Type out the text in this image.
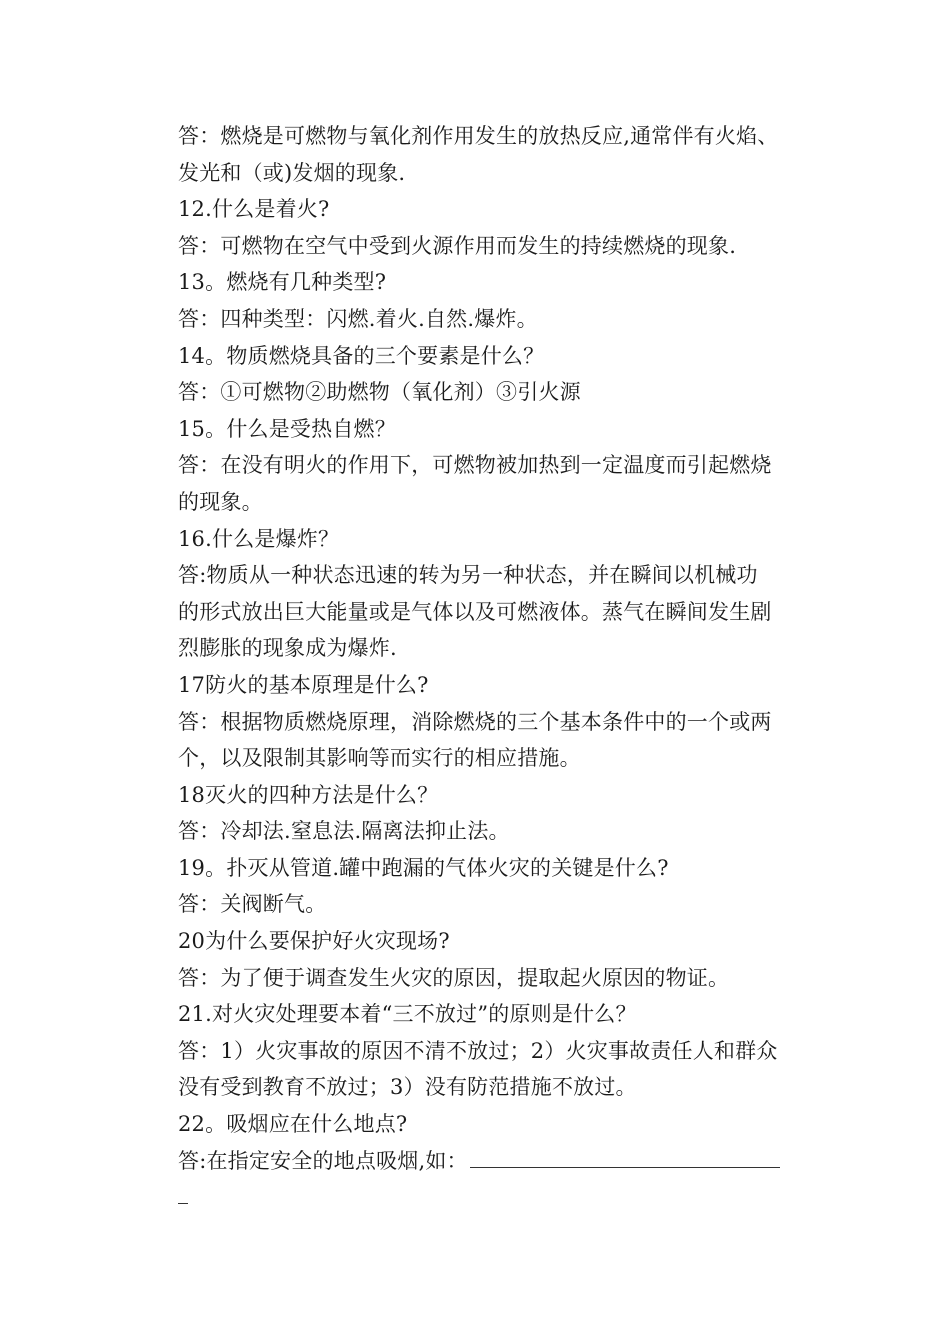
答：燃烧是可燃物与氧化剂作用发生的放热反应,通常伴有火焰、
发光和（或)发烟的现象.
12.什么是着火?
答：可燃物在空气中受到火源作用而发生的持续燃烧的现象.
13。燃烧有几种类型?
答：四种类型：闪燃.着火.自然.爆炸。
14。物质燃烧具备的三个要素是什么？
答：①可燃物②助燃物（氧化剂）③引火源
15。什么是受热自燃？
答：在没有明火的作用下，可燃物被加热到一定温度而引起燃烧
的现象。
16.什么是爆炸？
答:物质从一种状态迅速的转为另一种状态，并在瞬间以机械功
的形式放出巨大能量或是气体以及可燃液体。蒸气在瞬间发生剧
烈膨胀的现象成为爆炸.
17防火的基本原理是什么?
答：根据物质燃烧原理，消除燃烧的三个基本条件中的一个或两
个，以及限制其影响等而实行的相应措施。
18灭火的四种方法是什么？
答：冷却法.窒息法.隔离法抑止法。
19。扑灭从管道.罐中跑漏的气体火灾的关键是什么?
答：关阀断气。
20为什么要保护好火灾现场?
答：为了便于调查发生火灾的原因，提取起火原因的物证。
21.对火灾处理要本着“三不放过”的原则是什么？
答：1）火灾事故的原因不清不放过；2）火灾事故责任人和群众
没有受到教育不放过；3）没有防范措施不放过。
22。吸烟应在什么地点?
答:在指定安全的地点吸烟,如：
